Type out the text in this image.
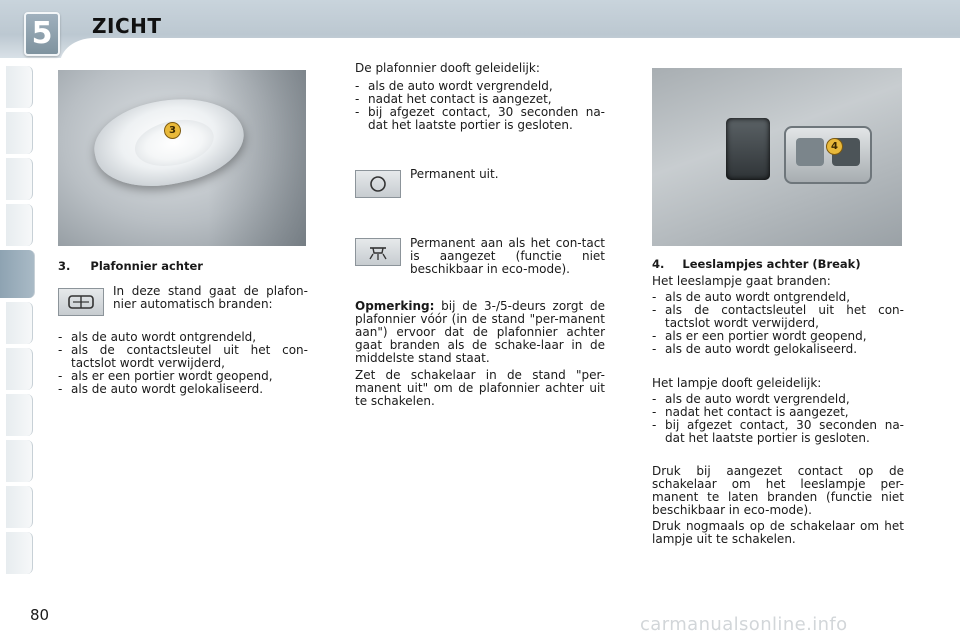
5	ZICHT
3
4
3. Plafonnier achter
In deze stand gaat de plafon-nier automatisch branden:
- als de auto wordt ontgrendeld,
- als de contactsleutel uit het con-tactslot wordt verwijderd,
- als er een portier wordt geopend,
- als de auto wordt gelokaliseerd.
De plafonnier dooft geleidelijk:
- als de auto wordt vergrendeld,
- nadat het contact is aangezet,
- bij afgezet contact, 30 seconden na-dat het laatste portier is gesloten.
Permanent uit.
Permanent aan als het con-tact is aangezet (functie niet beschikbaar in eco-mode).
Opmerking: bij de 3-/5-deurs zorgt de plafonnier vóór (in de stand "per-manent aan") ervoor dat de plafonnier achter gaat branden als de schake-laar in de middelste stand staat.
Zet de schakelaar in de stand "per-manent uit" om de plafonnier achter uit te schakelen.
4. Leeslampjes achter (Break)
Het leeslampje gaat branden:
- als de auto wordt ontgrendeld,
- als de contactsleutel uit het con-tactslot wordt verwijderd,
- als er een portier wordt geopend,
- als de auto wordt gelokaliseerd.
Het lampje dooft geleidelijk:
- als de auto wordt vergrendeld,
- nadat het contact is aangezet,
- bij afgezet contact, 30 seconden na-dat het laatste portier is gesloten.
Druk bij aangezet contact op de schakelaar om het leeslampje per-manent te laten branden (functie niet beschikbaar in eco-mode).
Druk nogmaals op de schakelaar om het lampje uit te schakelen.
80	carmanualsonline.info
